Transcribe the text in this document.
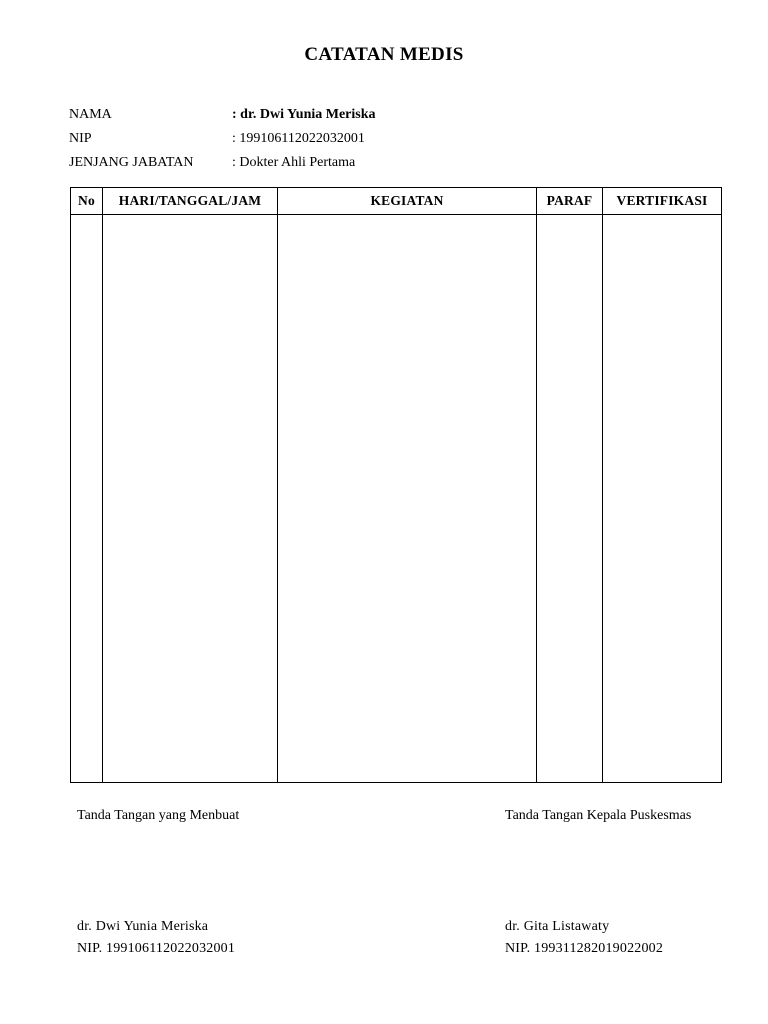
CATATAN MEDIS
NAMA	: dr. Dwi Yunia Meriska
NIP	: 199106112022032001
JENJANG JABATAN	: Dokter Ahli Pertama
No	HARI/TANGGAL/JAM	KEGIATAN	PARAF	VERTIFIKASI

Tanda Tangan yang Menbuat	Tanda Tangan Kepala Puskesmas
dr. Dwi Yunia Meriska
NIP. 199106112022032001
dr. Gita Listawaty
NIP. 199311282019022002
